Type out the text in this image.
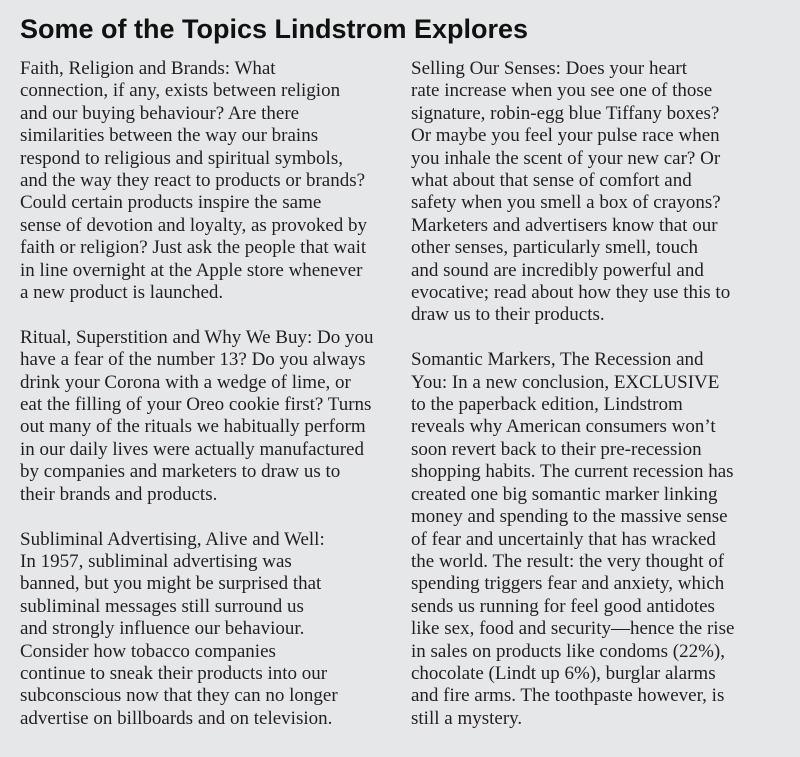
Some of the Topics Lindstrom Explores

Faith, Religion and Brands: What
connection, if any, exists between religion
and our buying behaviour? Are there
similarities between the way our brains
respond to religious and spiritual symbols,
and the way they react to products or brands?
Could certain products inspire the same
sense of devotion and loyalty, as provoked by
faith or religion? Just ask the people that wait
in line overnight at the Apple store whenever
a new product is launched.

Ritual, Superstition and Why We Buy: Do you
have a fear of the number 13? Do you always
drink your Corona with a wedge of lime, or
eat the filling of your Oreo cookie first? Turns
out many of the rituals we habitually perform
in our daily lives were actually manufactured
by companies and marketers to draw us to
their brands and products.

Subliminal Advertising, Alive and Well:
In 1957, subliminal advertising was
banned, but you might be surprised that
subliminal messages still surround us
and strongly influence our behaviour.
Consider how tobacco companies
continue to sneak their products into our
subconscious now that they can no longer
advertise on billboards and on television.

Selling Our Senses: Does your heart
rate increase when you see one of those
signature, robin-egg blue Tiffany boxes?
Or maybe you feel your pulse race when
you inhale the scent of your new car? Or
what about that sense of comfort and
safety when you smell a box of crayons?
Marketers and advertisers know that our
other senses, particularly smell, touch
and sound are incredibly powerful and
evocative; read about how they use this to
draw us to their products.

Somantic Markers, The Recession and
You: In a new conclusion, EXCLUSIVE
to the paperback edition, Lindstrom
reveals why American consumers won’t
soon revert back to their pre-recession
shopping habits. The current recession has
created one big somantic marker linking
money and spending to the massive sense
of fear and uncertainly that has wracked
the world. The result: the very thought of
spending triggers fear and anxiety, which
sends us running for feel good antidotes
like sex, food and security—hence the rise
in sales on products like condoms (22%),
chocolate (Lindt up 6%), burglar alarms
and fire arms. The toothpaste however, is
still a mystery.
